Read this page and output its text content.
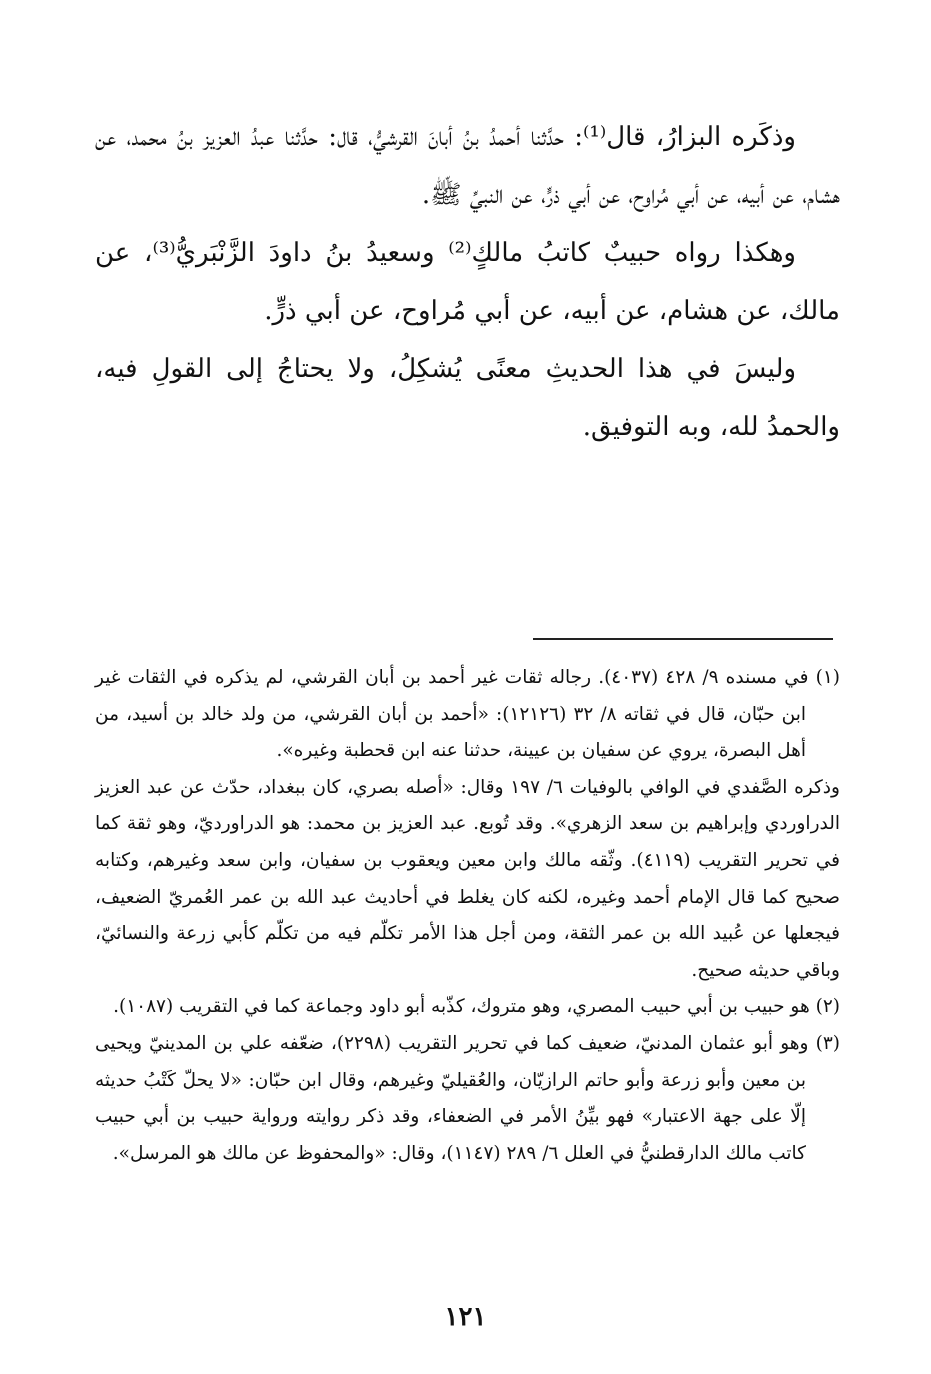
وذكَره البزارُ، قال⁽¹⁾: حدَّثنا أحمدُ بنُ أبانَ القرشيُّ، قال: حدَّثنا عبدُ العزيز بنُ محمد، عن هشام، عن أبيه، عن أبي مُراوح، عن أبي ذرٍّ، عن النبيِّ ﷺ.

وهكذا رواه حبيبٌ كاتبُ مالكٍ⁽²⁾ وسعيدُ بنُ داودَ الزَّنْبَريُّ⁽³⁾، عن مالك، عن هشام، عن أبيه، عن أبي مُراوح، عن أبي ذرٍّ.

وليسَ في هذا الحديثِ معنًى يُشكِلُ، ولا يحتاجُ إلى القولِ فيه، والحمدُ لله، وبه التوفيق.

(١) في مسنده ٩/ ٤٢٨ (٤٠٣٧). رجاله ثقات غير أحمد بن أبان القرشي، لم يذكره في الثقات غير ابن حبّان، قال في ثقاته ٨/ ٣٢ (١٢١٢٦): «أحمد بن أبان القرشي، من ولد خالد بن أسيد، من أهل البصرة، يروي عن سفيان بن عيينة، حدثنا عنه ابن قحطبة وغيره».

وذكره الصَّفدي في الوافي بالوفيات ٦/ ١٩٧ وقال: «أصله بصري، كان ببغداد، حدّث عن عبد العزيز الدراوردي وإبراهيم بن سعد الزهري». وقد تُوبع. عبد العزيز بن محمد: هو الدراورديّ، وهو ثقة كما في تحرير التقريب (٤١١٩). وثّقه مالك وابن معين ويعقوب بن سفيان، وابن سعد وغيرهم، وكتابه صحيح كما قال الإمام أحمد وغيره، لكنه كان يغلط في أحاديث عبد الله بن عمر العُمريّ الضعيف، فيجعلها عن عُبيد الله بن عمر الثقة، ومن أجل هذا الأمر تكلّم فيه من تكلّم كأبي زرعة والنسائيّ، وباقي حديثه صحيح.

(٢) هو حبيب بن أبي حبيب المصري، وهو متروك، كذّبه أبو داود وجماعة كما في التقريب (١٠٨٧).

(٣) وهو أبو عثمان المدنيّ، ضعيف كما في تحرير التقريب (٢٢٩٨)، ضعّفه علي بن المدينيّ ويحيى بن معين وأبو زرعة وأبو حاتم الرازيّان، والعُقيليّ وغيرهم، وقال ابن حبّان: «لا يحلّ كَتْبُ حديثه إلّا على جهة الاعتبار» فهو بيِّنُ الأمر في الضعفاء، وقد ذكر روايته ورواية حبيب بن أبي حبيب كاتب مالك الدارقطنيُّ في العلل ٦/ ٢٨٩ (١١٤٧)، وقال: «والمحفوظ عن مالك هو المرسل».

١٢١
